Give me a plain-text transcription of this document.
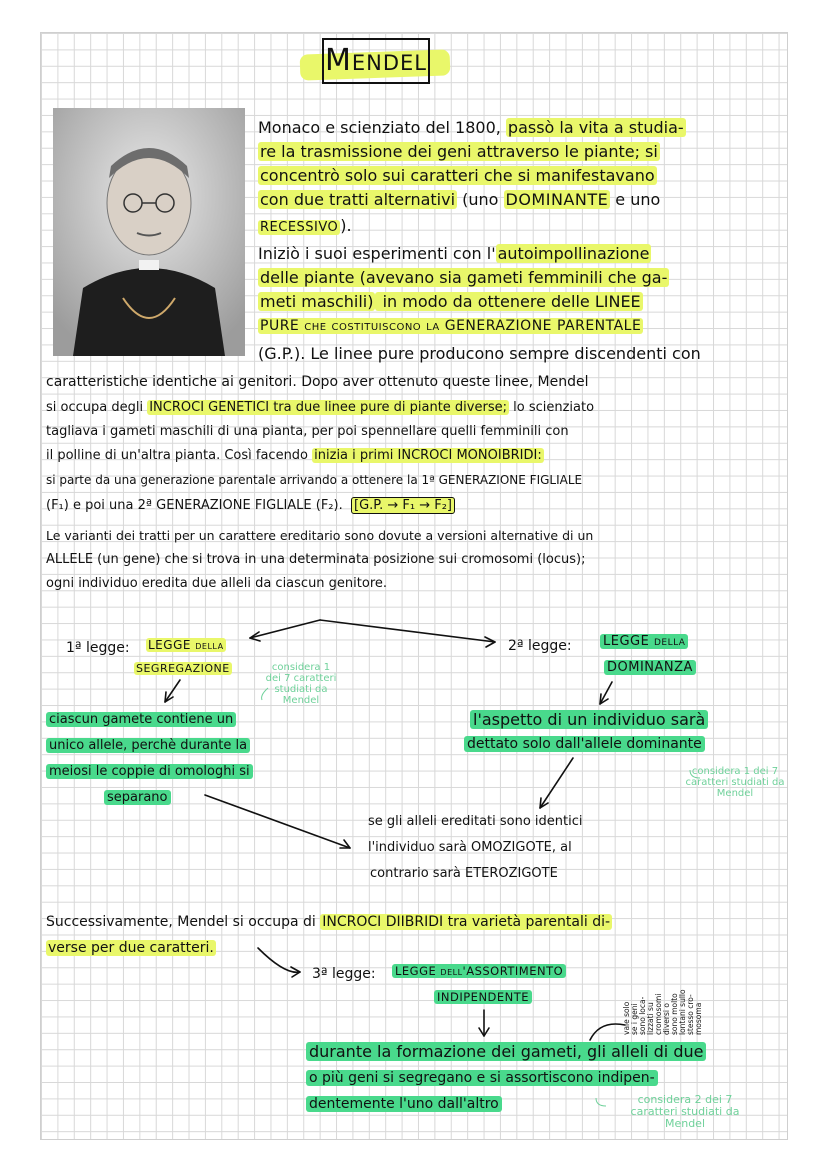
Mendel
Monaco e scienziato del 1800, passò la vita a studia-
re la trasmissione dei geni attraverso le piante; si
concentrò solo sui caratteri che si manifestavano
con due tratti alternativi (uno DOMINANTE e uno
RECESSIVO ).
Iniziò i suoi esperimenti con l' autoimpollinazione
delle piante (avevano sia gameti femminili che ga-
meti maschili) in modo da ottenere delle LINEE
PURE che costituiscono la GENERAZIONE PARENTALE
(G.P.). Le linee pure producono sempre discendenti con
caratteristiche identiche ai genitori. Dopo aver ottenuto queste linee, Mendel
si occupa degli INCROCI GENETICI tra due linee pure di piante diverse; lo scienziato
tagliava i gameti maschili di una pianta, per poi spennellare quelli femminili con
il polline di un'altra pianta. Così facendo inizia i primi INCROCI MONOIBRIDI:
si parte da una generazione parentale arrivando a ottenere la 1ª GENERAZIONE FIGLIALE
(F₁) e poi una 2ª GENERAZIONE FIGLIALE (F₂). [G.P. → F₁ → F₂]
Le varianti dei tratti per un carattere ereditario sono dovute a versioni alternative di un
ALLELE (un gene) che si trova in una determinata posizione sui cromosomi (locus);
ogni individuo eredita due alleli da ciascun genitore.
1ª legge: LEGGE della
SEGREGAZIONE	considera 1
dei 7 caratteri
studiati da
Mendel
ciascun gamete contiene un
unico allele, perchè durante la
meiosi le coppie di omologhi si
separano
2ª legge: LEGGE della
DOMINANZA
l'aspetto di un individuo sarà
dettato solo dall'allele dominante
considera 1 dei 7
caratteri studiati da
Mendel
se gli alleli ereditati sono identici
l'individuo sarà OMOZIGOTE, al
contrario sarà ETEROZIGOTE
Successivamente, Mendel si occupa di INCROCI DIIBRIDI tra varietà parentali di-
verse per due caratteri.
3ª legge: LEGGE dell'ASSORTIMENTO
INDIPENDENTE
vale solo se i geni sono loca- lizzati su cromosomi diversi o sono molto lontani sullo stesso cro- mosoma
durante la formazione dei gameti, gli alleli di due
o più geni si segregano e si assortiscono indipen-
dentemente l'uno dall'altro	considera 2 dei 7
caratteri studiati da
Mendel
